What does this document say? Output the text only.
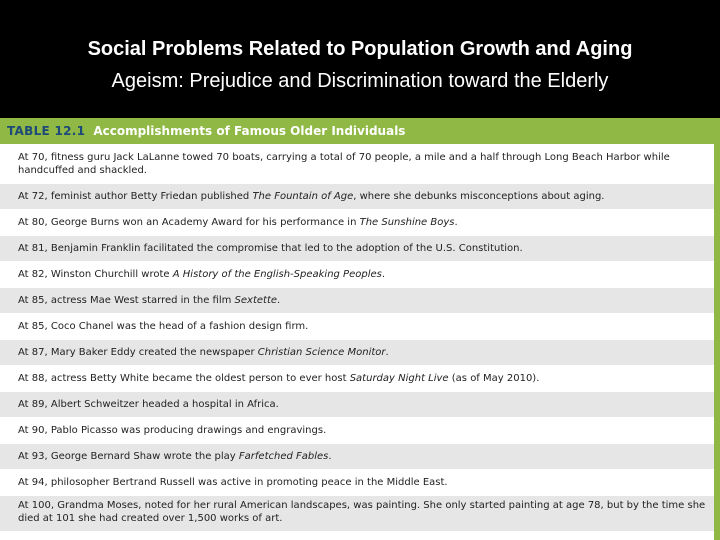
Social Problems Related to Population Growth and Aging
Ageism: Prejudice and Discrimination toward the Elderly
TABLE 12.1 Accomplishments of Famous Older Individuals
At 70, fitness guru Jack LaLanne towed 70 boats, carrying a total of 70 people, a mile and a half through Long Beach Harbor while handcuffed and shackled.
At 72, feminist author Betty Friedan published The Fountain of Age, where she debunks misconceptions about aging.
At 80, George Burns won an Academy Award for his performance in The Sunshine Boys.
At 81, Benjamin Franklin facilitated the compromise that led to the adoption of the U.S. Constitution.
At 82, Winston Churchill wrote A History of the English-Speaking Peoples.
At 85, actress Mae West starred in the film Sextette.
At 85, Coco Chanel was the head of a fashion design firm.
At 87, Mary Baker Eddy created the newspaper Christian Science Monitor.
At 88, actress Betty White became the oldest person to ever host Saturday Night Live (as of May 2010).
At 89, Albert Schweitzer headed a hospital in Africa.
At 90, Pablo Picasso was producing drawings and engravings.
At 93, George Bernard Shaw wrote the play Farfetched Fables.
At 94, philosopher Bertrand Russell was active in promoting peace in the Middle East.
At 100, Grandma Moses, noted for her rural American landscapes, was painting. She only started painting at age 78, but by the time she died at 101 she had created over 1,500 works of art.
